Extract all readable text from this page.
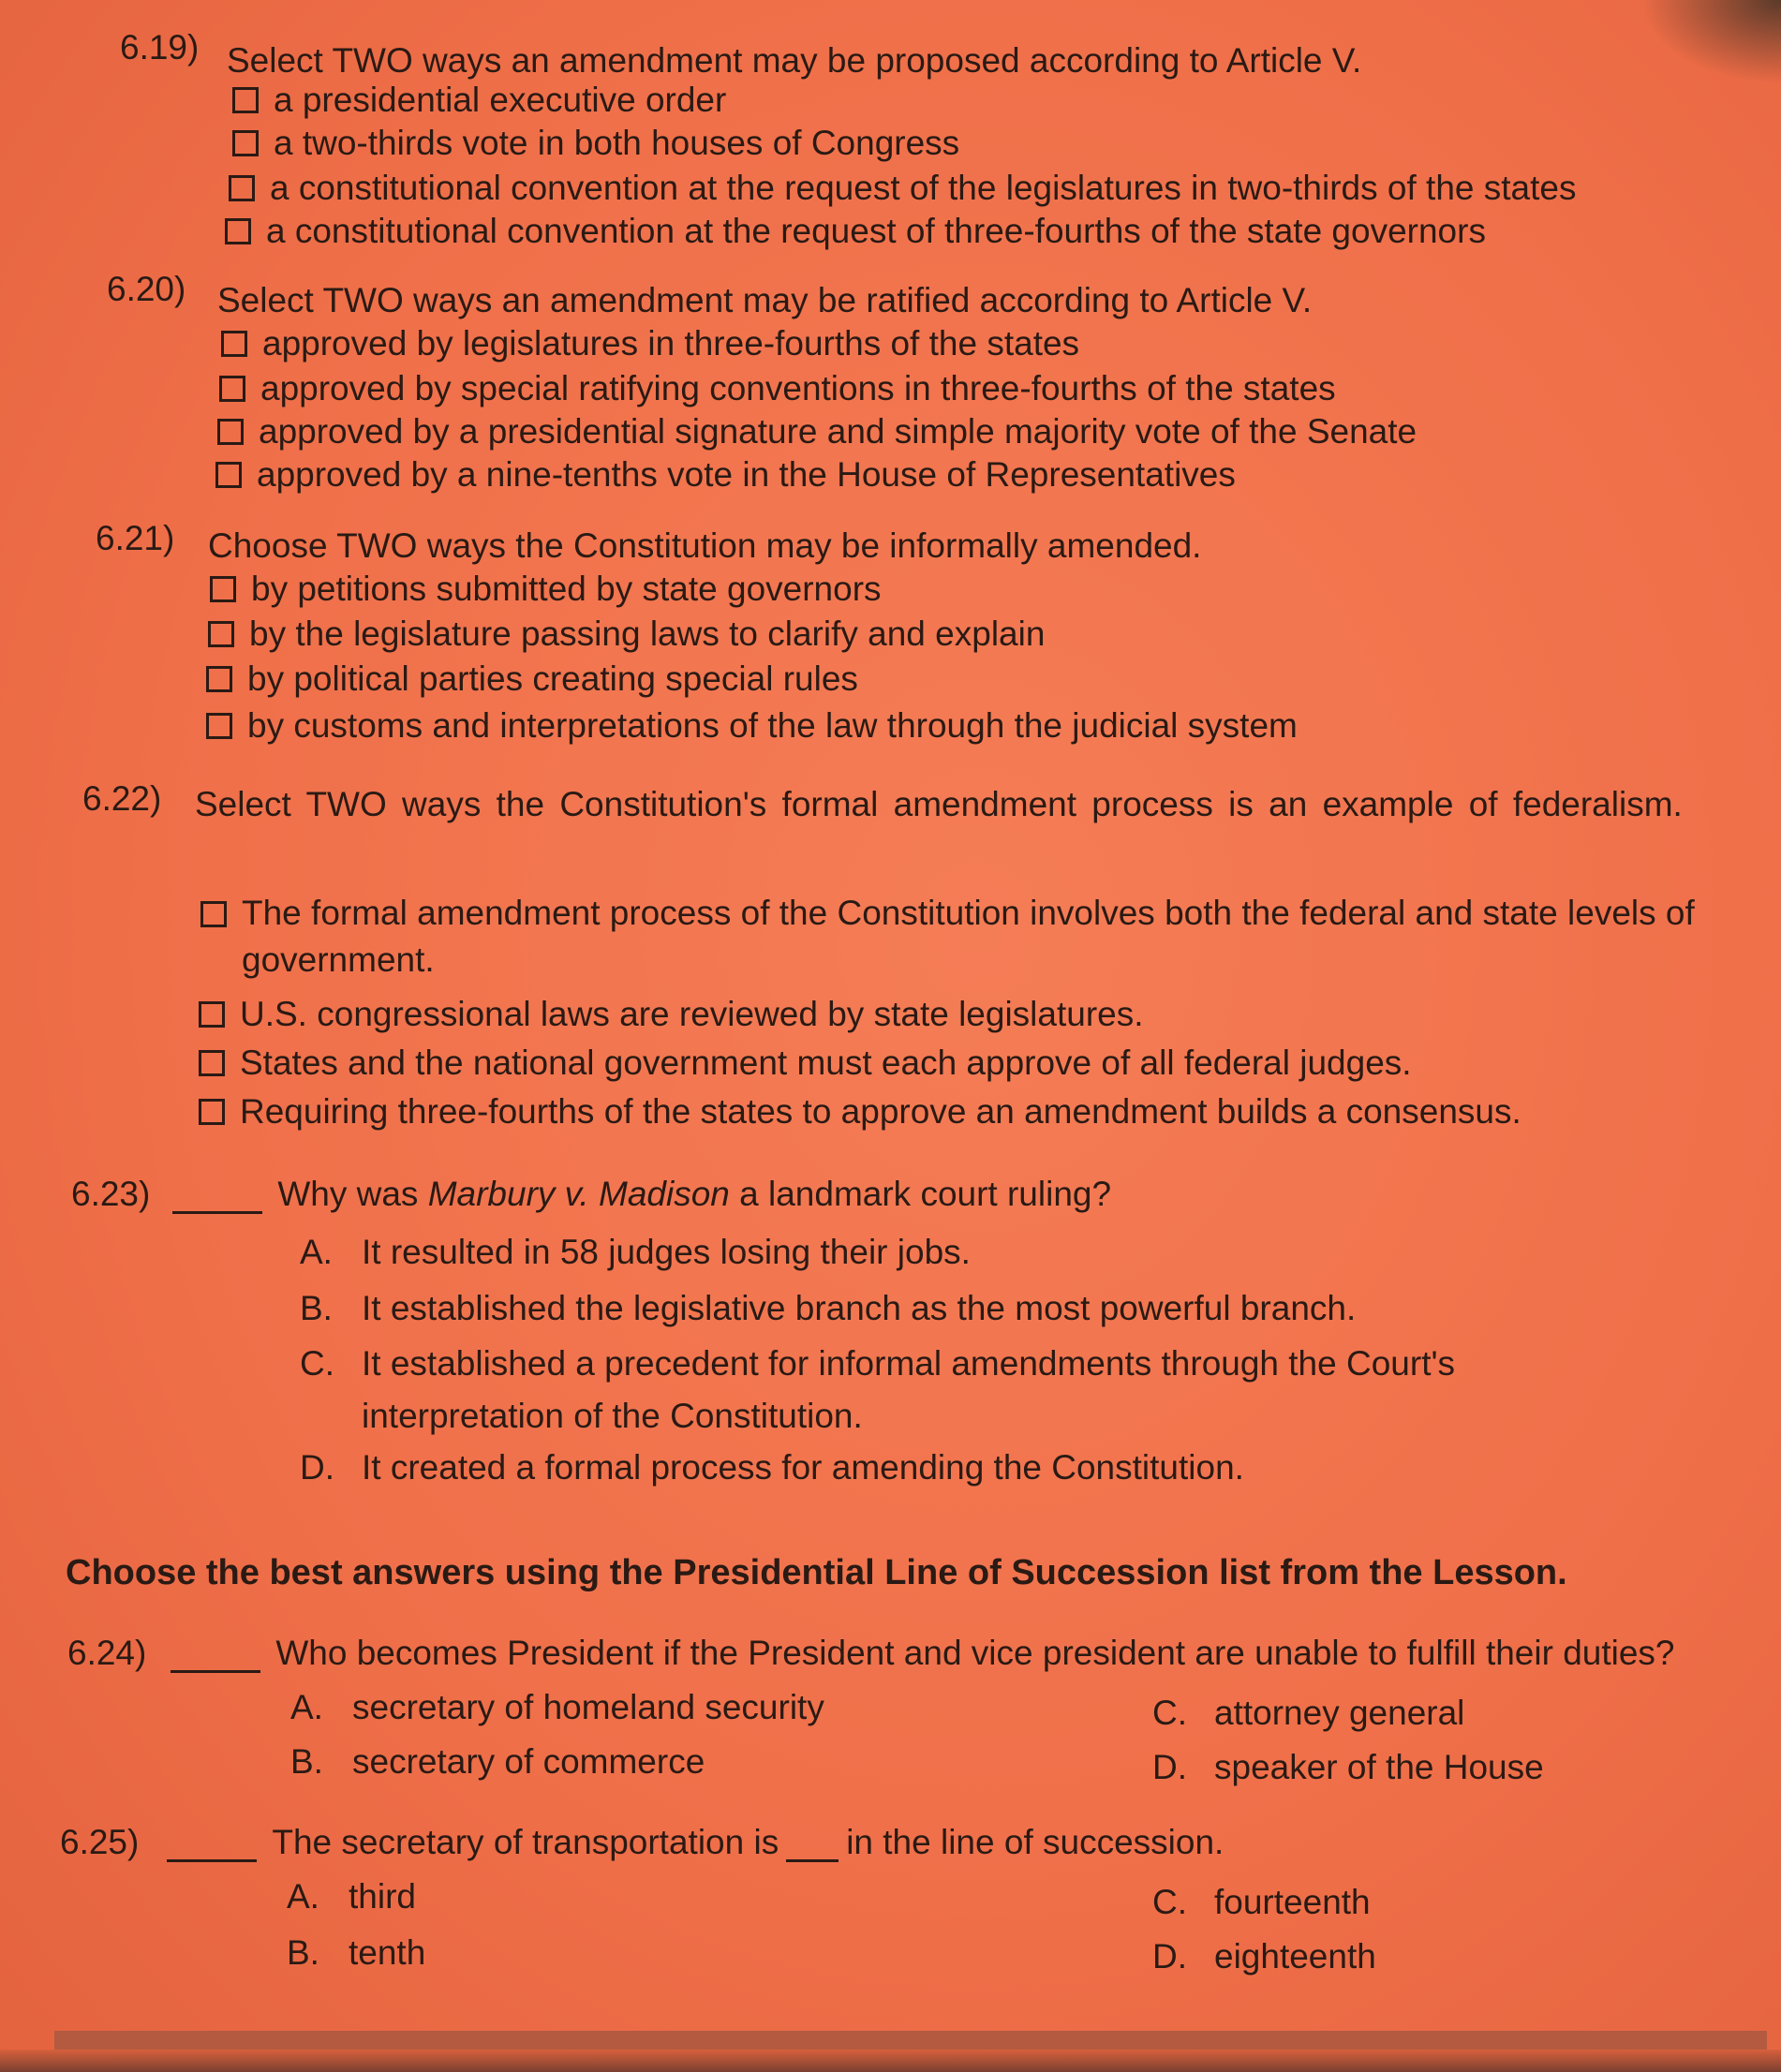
6.19) Select TWO ways an amendment may be proposed according to Article V.
a presidential executive order
a two-thirds vote in both houses of Congress
a constitutional convention at the request of the legislatures in two-thirds of the states
a constitutional convention at the request of three-fourths of the state governors
6.20) Select TWO ways an amendment may be ratified according to Article V.
approved by legislatures in three-fourths of the states
approved by special ratifying conventions in three-fourths of the states
approved by a presidential signature and simple majority vote of the Senate
approved by a nine-tenths vote in the House of Representatives
6.21) Choose TWO ways the Constitution may be informally amended.
by petitions submitted by state governors
by the legislature passing laws to clarify and explain
by political parties creating special rules
by customs and interpretations of the law through the judicial system
6.22) Select TWO ways the Constitution's formal amendment process is an example of federalism.
The formal amendment process of the Constitution involves both the federal and state levels of government.
U.S. congressional laws are reviewed by state legislatures.
States and the national government must each approve of all federal judges.
Requiring three-fourths of the states to approve an amendment builds a consensus.
6.23)	Why was Marbury v. Madison a landmark court ruling?
A. It resulted in 58 judges losing their jobs.
B. It established the legislative branch as the most powerful branch.
C. It established a precedent for informal amendments through the Court's interpretation of the Constitution.
D. It created a formal process for amending the Constitution.
Choose the best answers using the Presidential Line of Succession list from the Lesson.
6.24)	Who becomes President if the President and vice president are unable to fulfill their duties?
A. secretary of homeland security
B. secretary of commerce
C. attorney general
D. speaker of the House
6.25)	The secretary of transportation is in the line of succession.
A. third
B. tenth
C. fourteenth
D. eighteenth
